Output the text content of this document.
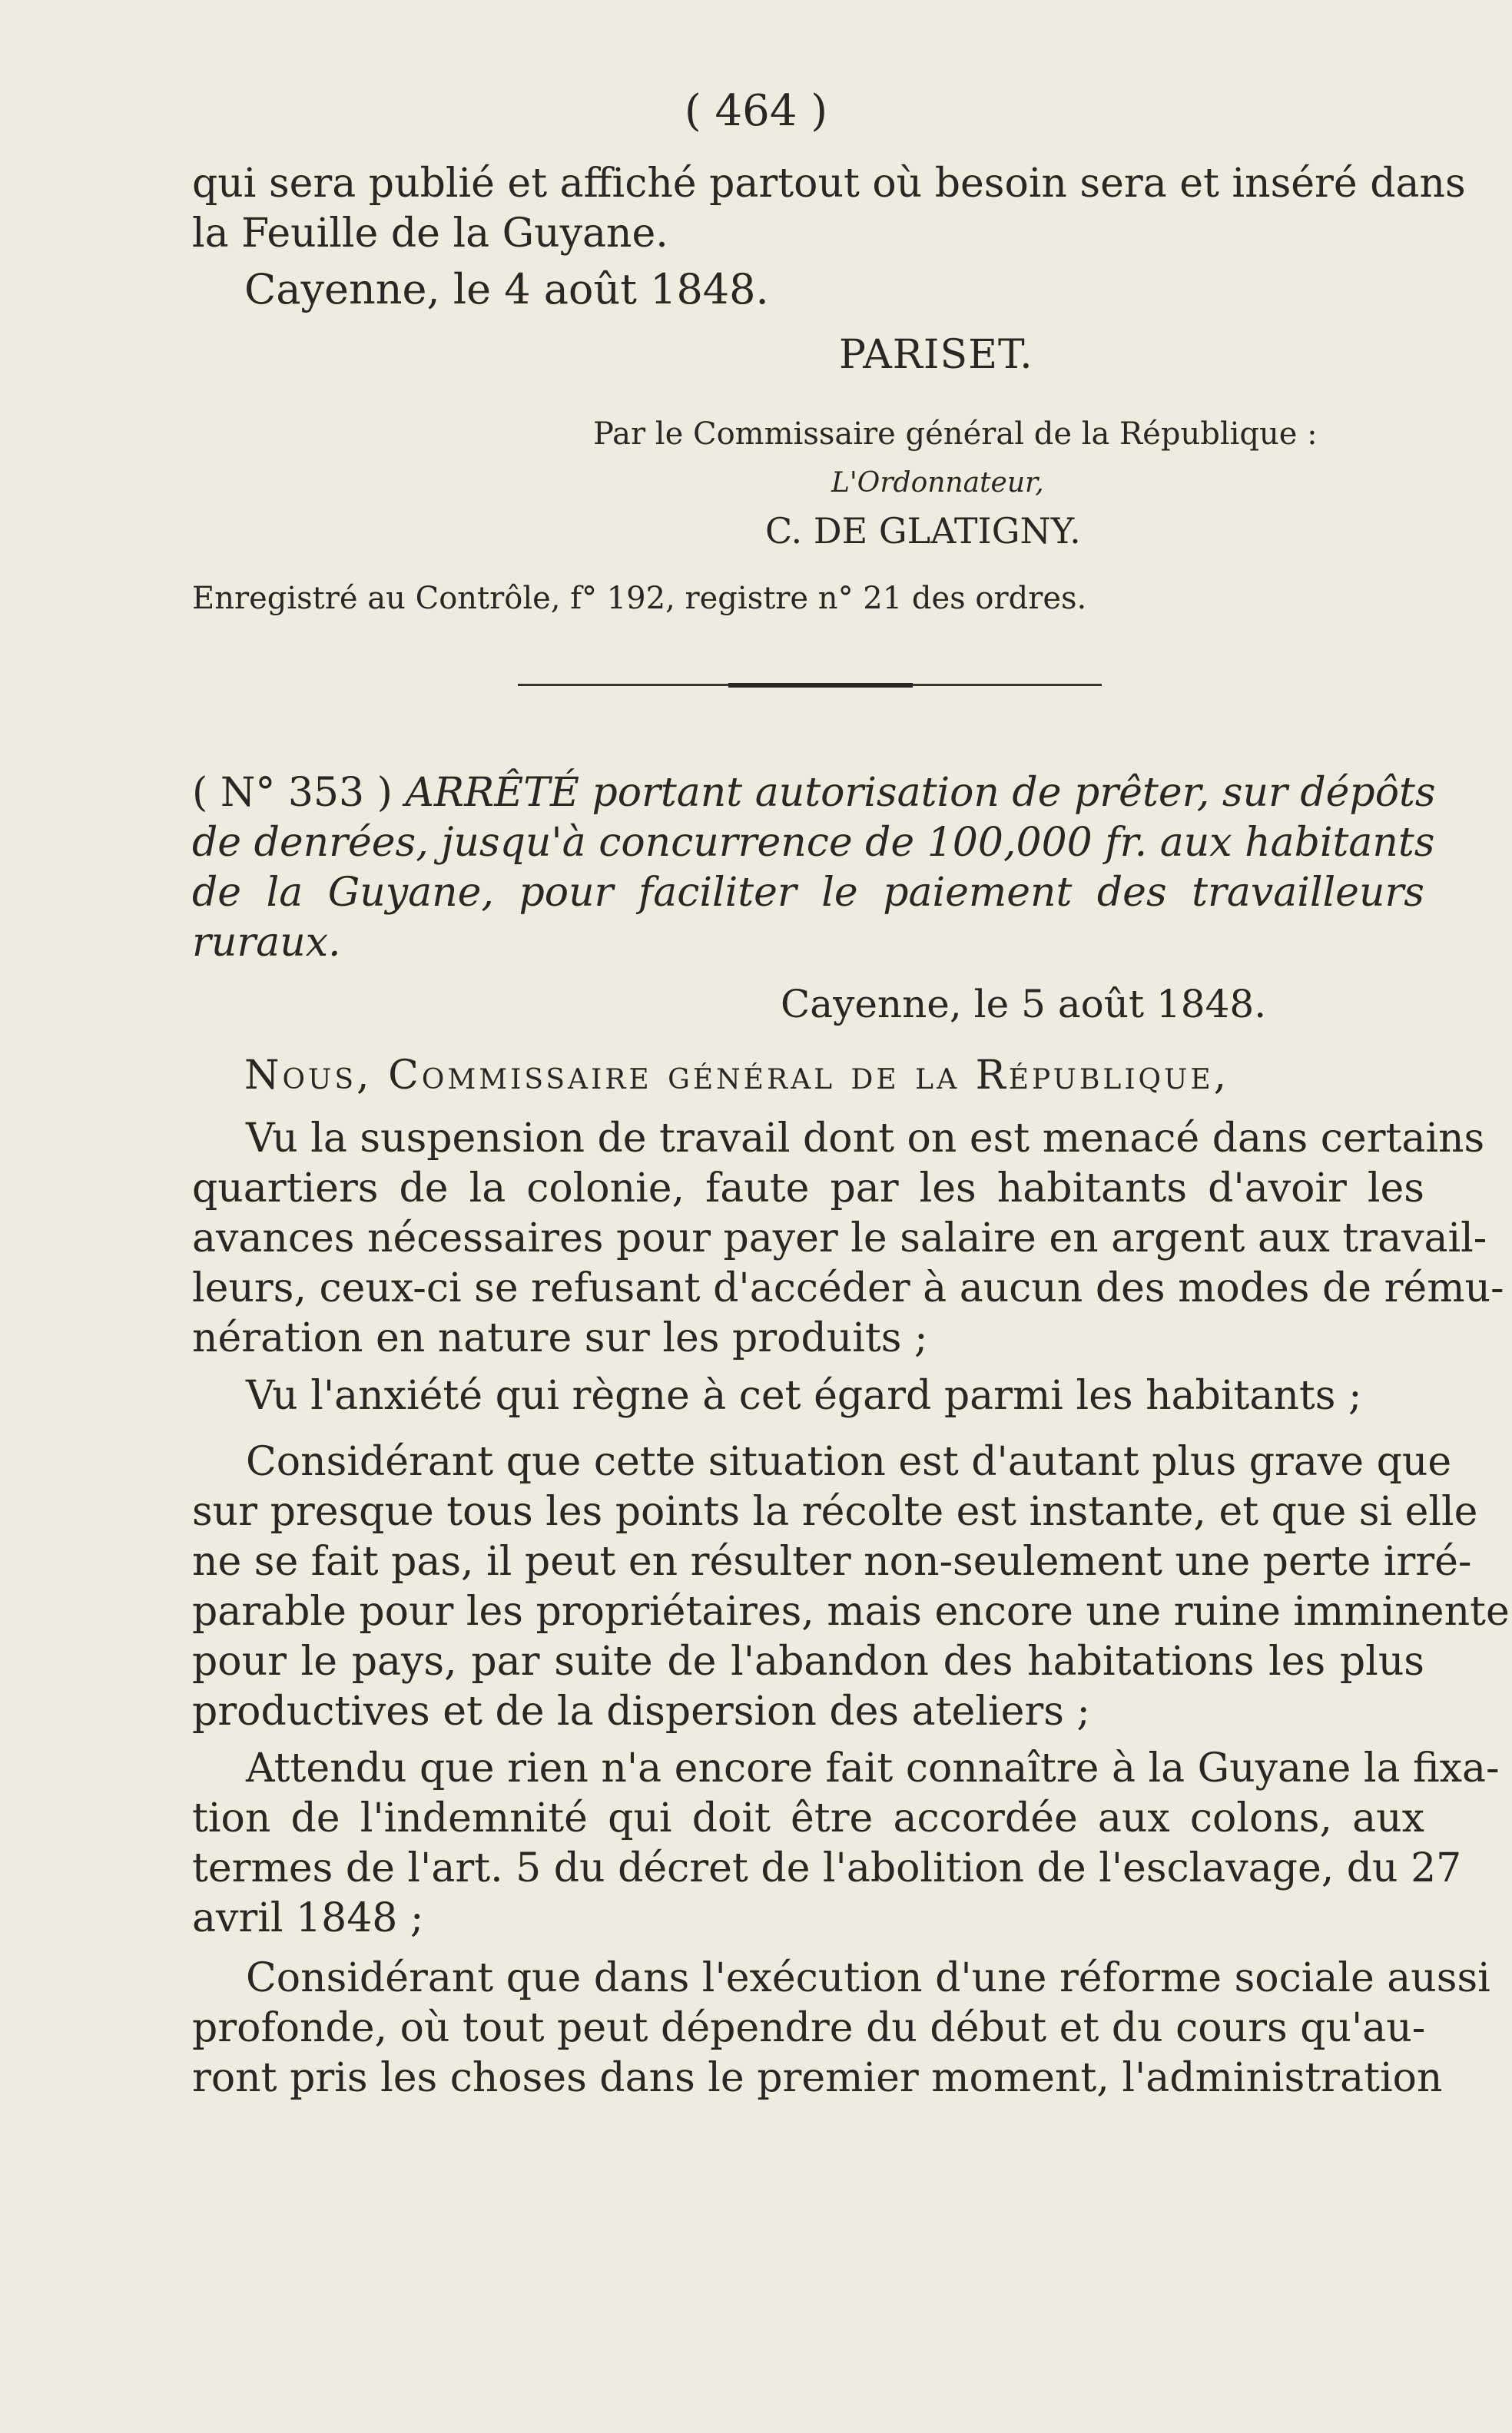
( 464 )
qui sera publié et affiché partout où besoin sera et inséré dans
la Feuille de la Guyane.
Cayenne, le 4 août 1848.
PARISET.
Par le Commissaire général de la République :
L'Ordonnateur,
C. DE GLATIGNY.
Enregistré au Contrôle, f° 192, registre n° 21 des ordres.
( N° 353 ) ARRÊTÉ portant autorisation de prêter, sur dépôts
de denrées, jusqu'à concurrence de 100,000 fr. aux habitants
de la Guyane, pour faciliter le paiement des travailleurs
ruraux.
Cayenne, le 5 août 1848.
Nous, Commissaire général de la République,
Vu la suspension de travail dont on est menacé dans certains
quartiers de la colonie, faute par les habitants d'avoir les
avances nécessaires pour payer le salaire en argent aux travail-
leurs, ceux-ci se refusant d'accéder à aucun des modes de rému-
nération en nature sur les produits ;
Vu l'anxiété qui règne à cet égard parmi les habitants ;
Considérant que cette situation est d'autant plus grave que
sur presque tous les points la récolte est instante, et que si elle
ne se fait pas, il peut en résulter non-seulement une perte irré-
parable pour les propriétaires, mais encore une ruine imminente
pour le pays, par suite de l'abandon des habitations les plus
productives et de la dispersion des ateliers ;
Attendu que rien n'a encore fait connaître à la Guyane la fixa-
tion de l'indemnité qui doit être accordée aux colons, aux
termes de l'art. 5 du décret de l'abolition de l'esclavage, du 27
avril 1848 ;
Considérant que dans l'exécution d'une réforme sociale aussi
profonde, où tout peut dépendre du début et du cours qu'au-
ront pris les choses dans le premier moment, l'administration
